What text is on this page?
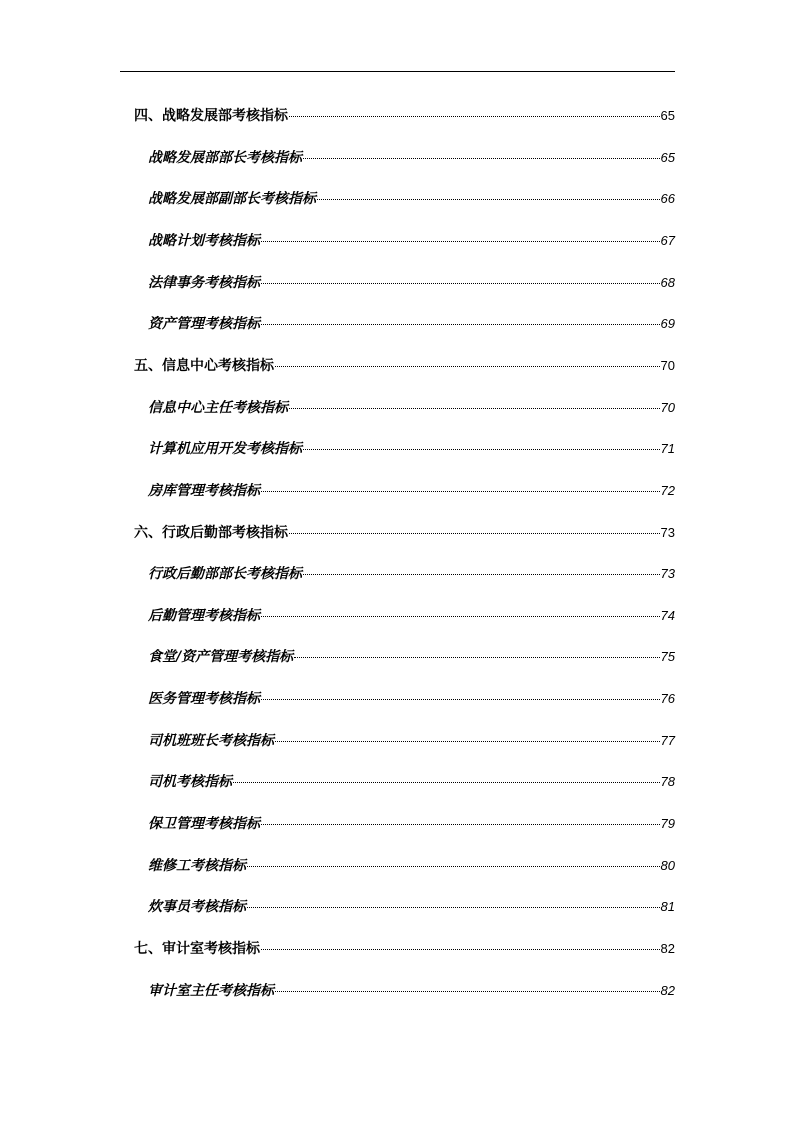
四、战略发展部考核指标	65
战略发展部部长考核指标	65
战略发展部副部长考核指标	66
战略计划考核指标	67
法律事务考核指标	68
资产管理考核指标	69
五、信息中心考核指标	70
信息中心主任考核指标	70
计算机应用开发考核指标	71
房库管理考核指标	72
六、行政后勤部考核指标	73
行政后勤部部长考核指标	73
后勤管理考核指标	74
食堂/资产管理考核指标	75
医务管理考核指标	76
司机班班长考核指标	77
司机考核指标	78
保卫管理考核指标	79
维修工考核指标	80
炊事员考核指标	81
七、审计室考核指标	82
审计室主任考核指标	82
